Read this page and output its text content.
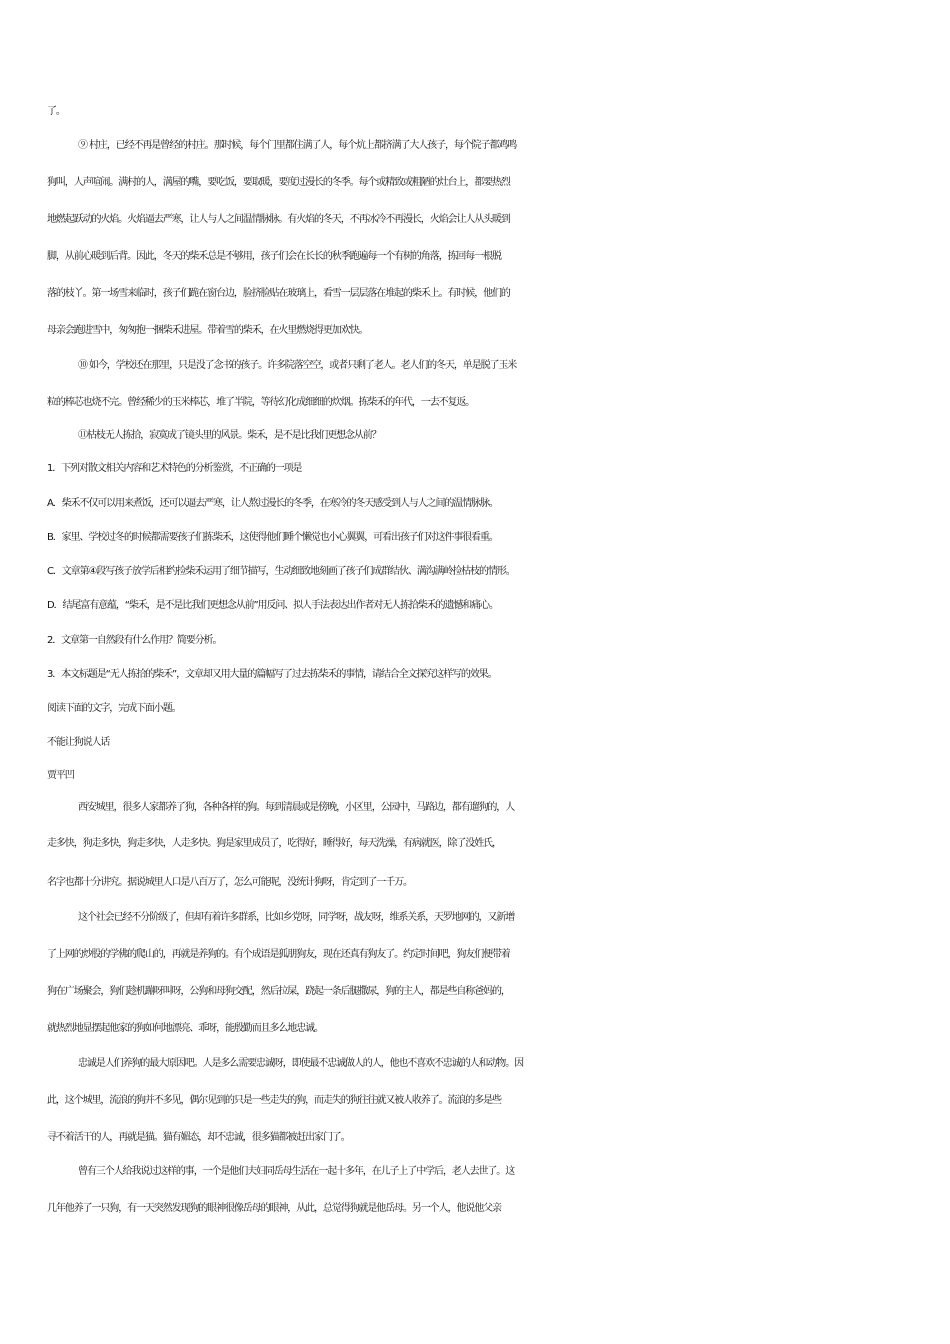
了。
⑨ 村庄，已经不再是曾经的村庄。那时候，每个门里都住满了人，每个炕上都挤满了大人孩子，每个院子都鸡鸣
狗叫，人声喧闹。满村的人，满屋的嘴，要吃饭，要取暖，要度过漫长的冬季。每个或精致或粗陋的灶台上，都要热烈
地燃起跃动的火焰。火焰逼去严寒，让人与人之间温情脉脉。有火焰的冬天，不再冰冷不再漫长，火焰会让人从头暖到
脚，从前心暖到后背。因此，冬天的柴禾总是不够用，孩子们会在长长的秋季跑遍每一个有树的角落，拣回每一根脱
落的枝丫。第一场雪来临时，孩子们跪在窗台边，脸挤脸贴在玻璃上，看雪一层层落在堆起的柴禾上。有时候，他们的
母亲会跑进雪中，匆匆抱一捆柴禾进屋。带着雪的柴禾，在火里燃烧得更加欢快。
⑩ 如今，学校还在那里，只是没了念书的孩子。许多院落空空，或者只剩了老人。老人们的冬天，单是脱了玉米
粒的棒芯也烧不完。曾经稀少的玉米棒芯，堆了半院，等待幻化成细细的炊烟。拣柴禾的年代，一去不复返。
⑪枯枝无人拣拾，寂寞成了镜头里的风景。柴禾，是不是比我们更想念从前？
1．下列对散文相关内容和艺术特色的分析鉴赏，不正确的一项是
A．柴禾不仅可以用来煮饭，还可以逼去严寒，让人熬过漫长的冬季，在寒冷的冬天感受到人与人之间的温情脉脉。
B．家里、学校过冬的时候都需要孩子们拣柴禾，这使得他们睡个懒觉也小心翼翼，可看出孩子们对这件事很看重。
C．文章第④段写孩子放学后相约捡柴禾运用了细节描写，生动细致地刻画了孩子们成群结伙、满沟满岭捡枯枝的情形。
D．结尾富有意蕴，“柴禾，是不是比我们更想念从前”用反问、拟人手法表达出作者对无人拣拾柴禾的遗憾和痛心。
2．文章第一自然段有什么作用？简要分析。
3．本文标题是“无人拣拾的柴禾”，文章却又用大量的篇幅写了过去拣柴禾的事情，请结合全文探究这样写的效果。
阅读下面的文字，完成下面小题。
不能让狗说人话
贾平凹
西安城里，很多人家都养了狗，各种各样的狗。每到清晨或是傍晚，小区里，公园中，马路边，都有遛狗的，人
走多快，狗走多快，狗走多快，人走多快。狗是家里成员了，吃得好，睡得好，每天洗澡，有病就医，除了没姓氏，
名字也都十分讲究。据说城里人口是八百万了，怎么可能呢，没统计狗呀，肯定到了一千万。
这个社会已经不分阶级了，但却有着许多群系，比如乡党呀，同学呀，战友呀，维系关系，天罗地网的，又新增
了上网的炒股的学佛的爬山的，再就是养狗的。有个成语是狐朋狗友，现在还真有狗友了。约定时间吧，狗友们便带着
狗在广场聚会，狗们趁机蹦呀叫呀，公狗和母狗交配，然后拉屎，跷起一条后腿撒尿，狗的主人，都是些自称爸妈的，
就热烈地显摆起他家的狗如何地漂亮、乖呀，能殷勤而且多么地忠诚。
忠诚是人们养狗的最大原因吧。人是多么需要忠诚呀，即使最不忠诚做人的人，他也不喜欢不忠诚的人和动物。因
此，这个城里，流浪的狗并不多见，偶尔见到的只是一些走失的狗，而走失的狗往往就又被人收养了。流浪的多是些
寻不着活干的人，再就是猫。猫有媚态，却不忠诚，很多猫都被赶出家门了。
曾有三个人给我说过这样的事，一个是他们夫妇同岳母生活在一起十多年，在儿子上了中学后，老人去世了。这
几年他养了一只狗，有一天突然发现狗的眼神很像岳母的眼神，从此，总觉得狗就是他岳母。另一个人，他说他父亲
